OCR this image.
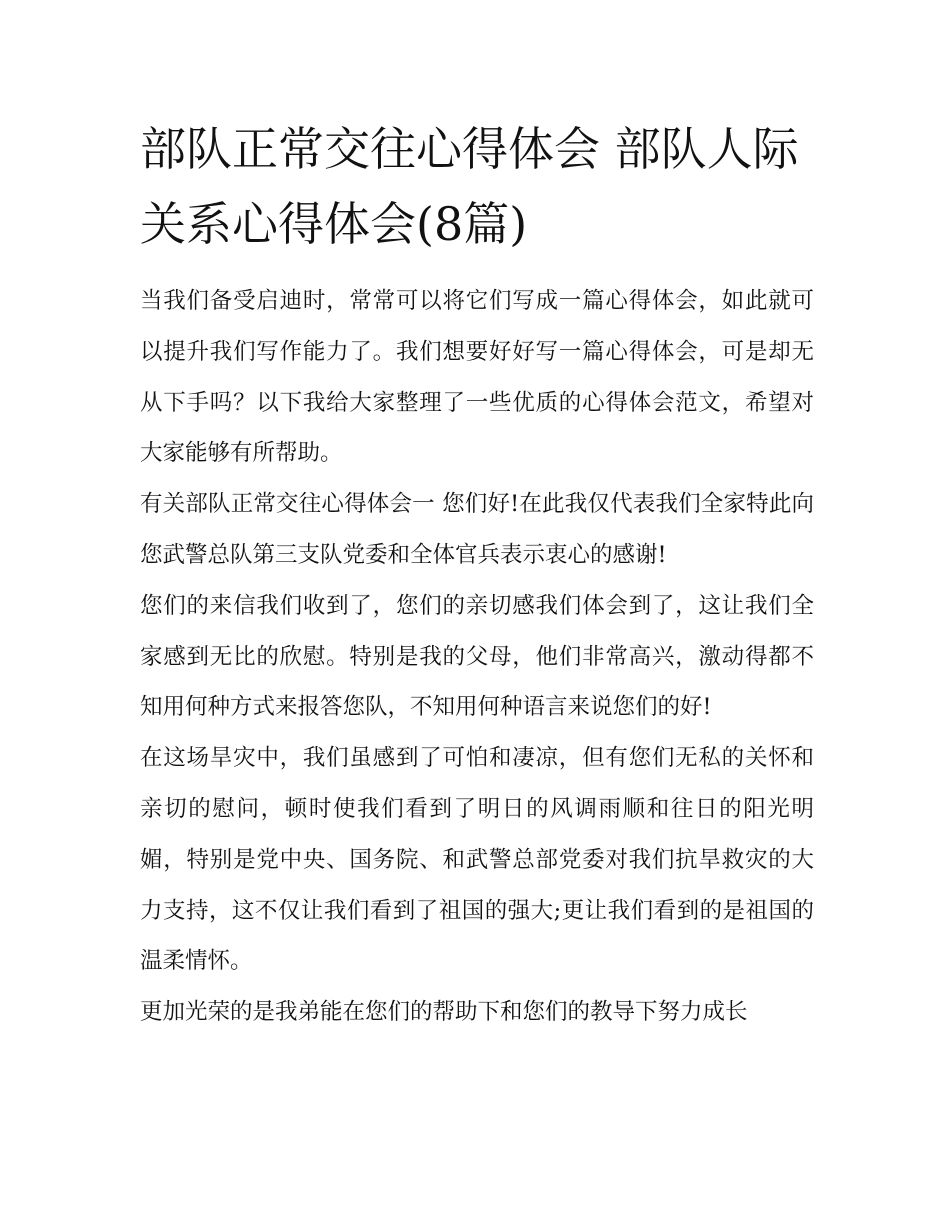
部队正常交往心得体会 部队人际关系心得体会(8篇)

当我们备受启迪时，常常可以将它们写成一篇心得体会，如此就可以提升我们写作能力了。我们想要好好写一篇心得体会，可是却无从下手吗？以下我给大家整理了一些优质的心得体会范文，希望对大家能够有所帮助。

有关部队正常交往心得体会一 您们好!在此我仅代表我们全家特此向您武警总队第三支队党委和全体官兵表示衷心的感谢!

您们的来信我们收到了，您们的亲切感我们体会到了，这让我们全家感到无比的欣慰。特别是我的父母，他们非常高兴，激动得都不知用何种方式来报答您队，不知用何种语言来说您们的好!

在这场旱灾中，我们虽感到了可怕和凄凉，但有您们无私的关怀和亲切的慰问，顿时使我们看到了明日的风调雨顺和往日的阳光明媚，特别是党中央、国务院、和武警总部党委对我们抗旱救灾的大力支持，这不仅让我们看到了祖国的强大;更让我们看到的是祖国的温柔情怀。

更加光荣的是我弟能在您们的帮助下和您们的教导下努力成长
